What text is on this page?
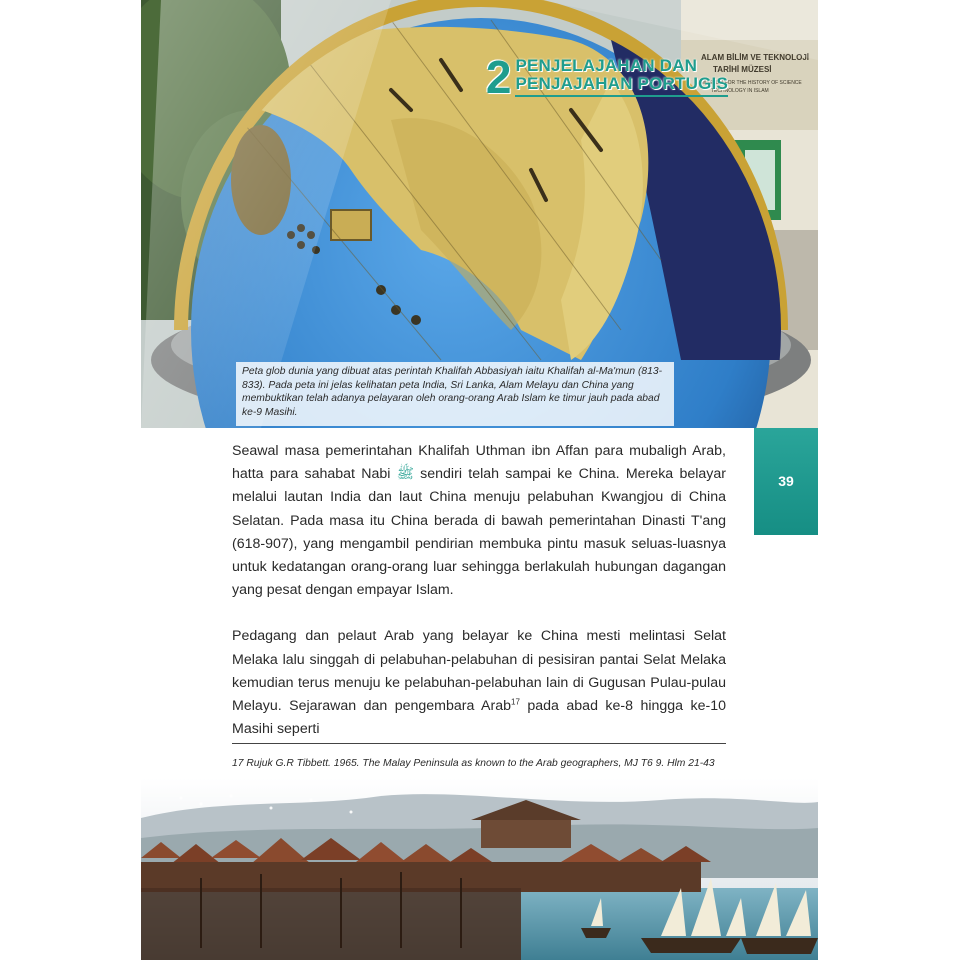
ALAM BİLİM VE TEKNOLOJİ
TARİHİ MÜZESİ
MUSEUM FOR THE HISTORY OF SCIENCE
TECHNOLOGY IN ISLAM
2 PENJELAJAHAN DAN
PENJAJAHAN PORTUGIS
Peta glob dunia yang dibuat atas perintah Khalifah Abbasiyah iaitu Khalifah al-Ma'mun (813-833). Pada peta ini jelas kelihatan peta India, Sri Lanka, Alam Melayu dan China yang membuktikan telah adanya pelayaran oleh orang-orang Arab Islam ke timur jauh pada abad ke-9 Masihi.
39

Seawal masa pemerintahan Khalifah Uthman ibn Affan para mubaligh Arab, hatta para sahabat Nabi ﷺ sendiri telah sampai ke China. Mereka belayar melalui lautan India dan laut China menuju pelabuhan Kwangjou di China Selatan. Pada masa itu China berada di bawah pemerintahan Dinasti T'ang (618-907), yang mengambil pendirian membuka pintu masuk seluas-luasnya untuk kedatangan orang-orang luar sehingga berlakulah hubungan dagangan yang pesat dengan empayar Islam.

Pedagang dan pelaut Arab yang belayar ke China mesti melintasi Selat Melaka lalu singgah di pelabuhan-pelabuhan di pesisiran pantai Selat Melaka kemudian terus menuju ke pelabuhan-pelabuhan lain di Gugusan Pulau-pulau Melayu. Sejarawan dan pengembara Arab$^{17}$ pada abad ke-8 hingga ke-10 Masihi seperti

17 Rujuk G.R Tibbett. 1965. The Malay Peninsula as known to the Arab geographers, MJ T6 9. Hlm 21-43
